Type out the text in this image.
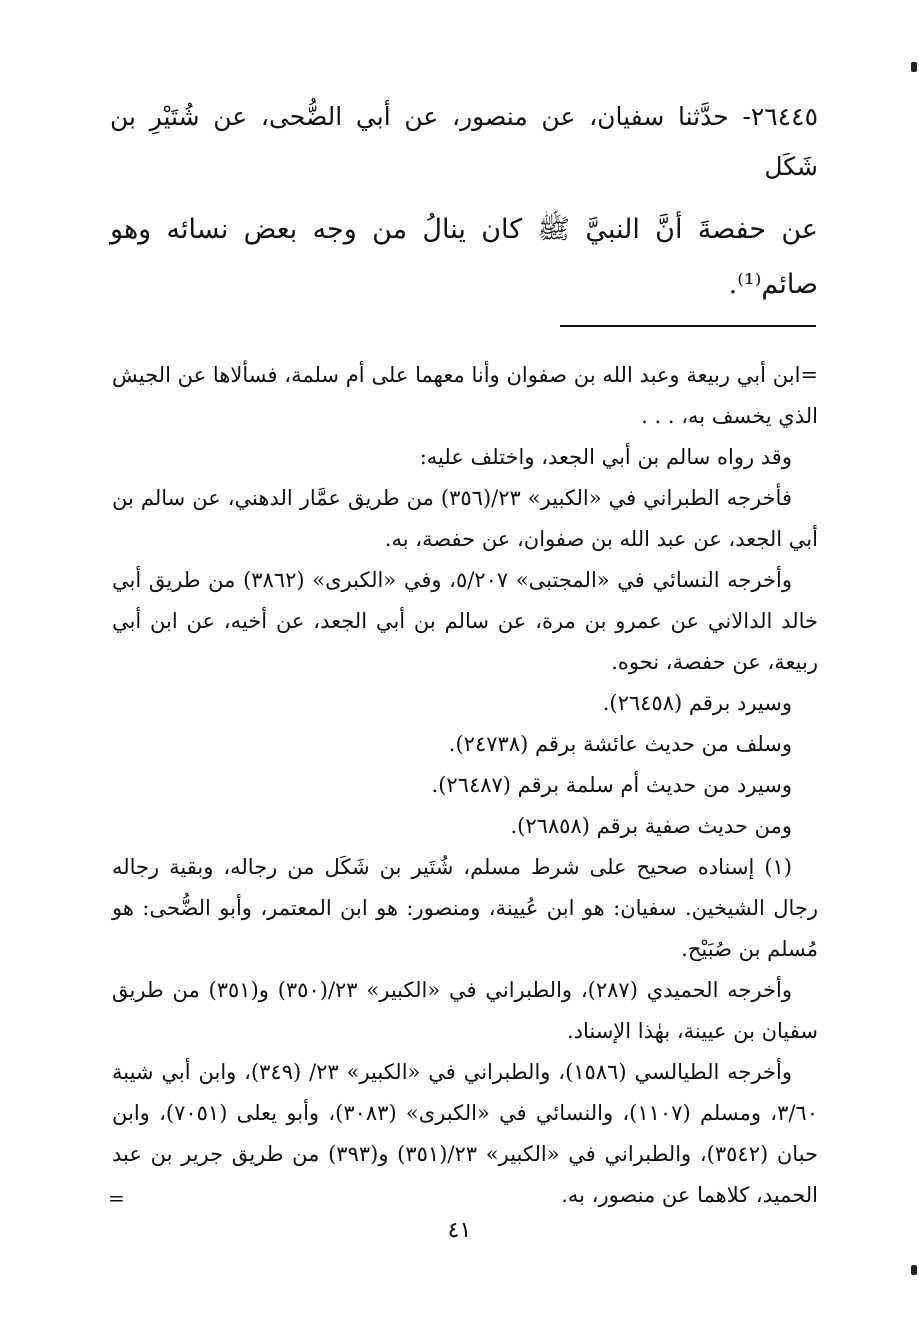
٢٦٤٤٥- حدَّثنا سفيان، عن منصور، عن أبي الضُّحى، عن شُتَيْرِ بن شَكَل

عن حفصةَ أنَّ النبيَّ ﷺ كان ينالُ من وجه بعض نسائه وهو صائم⁽¹⁾.

=ابن أبي ربيعة وعبد الله بن صفوان وأنا معهما على أم سلمة، فسألاها عن الجيش الذي يخسف به، . . .

وقد رواه سالم بن أبي الجعد، واختلف عليه:

فأخرجه الطبراني في «الكبير» ٢٣/(٣٥٦) من طريق عمَّار الدهني، عن سالم بن أبي الجعد، عن عبد الله بن صفوان، عن حفصة، به.

وأخرجه النسائي في «المجتبى» ٥/٢٠٧، وفي «الكبرى» (٣٨٦٢) من طريق أبي خالد الدالاني عن عمرو بن مرة، عن سالم بن أبي الجعد، عن أخيه، عن ابن أبي ربيعة، عن حفصة، نحوه.

وسيرد برقم (٢٦٤٥٨).

وسلف من حديث عائشة برقم (٢٤٧٣٨).

وسيرد من حديث أم سلمة برقم (٢٦٤٨٧).

ومن حديث صفية برقم (٢٦٨٥٨).

(١) إسناده صحيح على شرط مسلم، شُتَير بن شَكَل من رجاله، وبقية رجاله رجال الشيخين. سفيان: هو ابن عُيينة، ومنصور: هو ابن المعتمر، وأبو الضُّحى: هو مُسلم بن صُبَيْح.

وأخرجه الحميدي (٢٨٧)، والطبراني في «الكبير» ٢٣/(٣٥٠) و(٣٥١) من طريق سفيان بن عيينة، بهٰذا الإسناد.

وأخرجه الطيالسي (١٥٨٦)، والطبراني في «الكبير» ٢٣/ (٣٤٩)، وابن أبي شيبة ٣/٦٠، ومسلم (١١٠٧)، والنسائي في «الكبرى» (٣٠٨٣)، وأبو يعلى (٧٠٥١)، وابن حبان (٣٥٤٢)، والطبراني في «الكبير» ٢٣/(٣٥١) و(٣٩٣) من طريق جرير بن عبد الحميد، كلاهما عن منصور، به.

=
٤١
